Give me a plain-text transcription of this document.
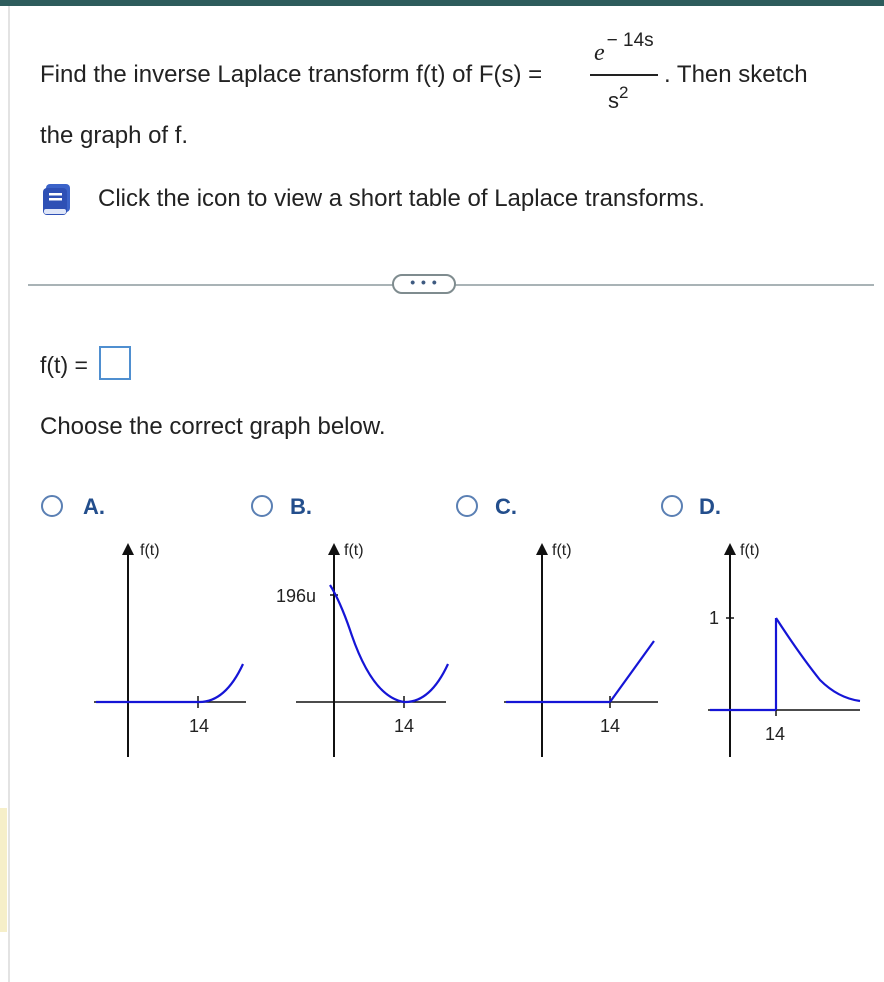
Find the inverse Laplace transform f(t) of F(s) =
e − 14s
$s^2$
. Then sketch
the graph of f.
Click the icon to view a short table of Laplace transforms.
• • •
f(t) =
Choose the correct graph below.
A.
f(t)
14
B.
f(t)
14
196u
C.
f(t)
14
D.
f(t)
1
14
